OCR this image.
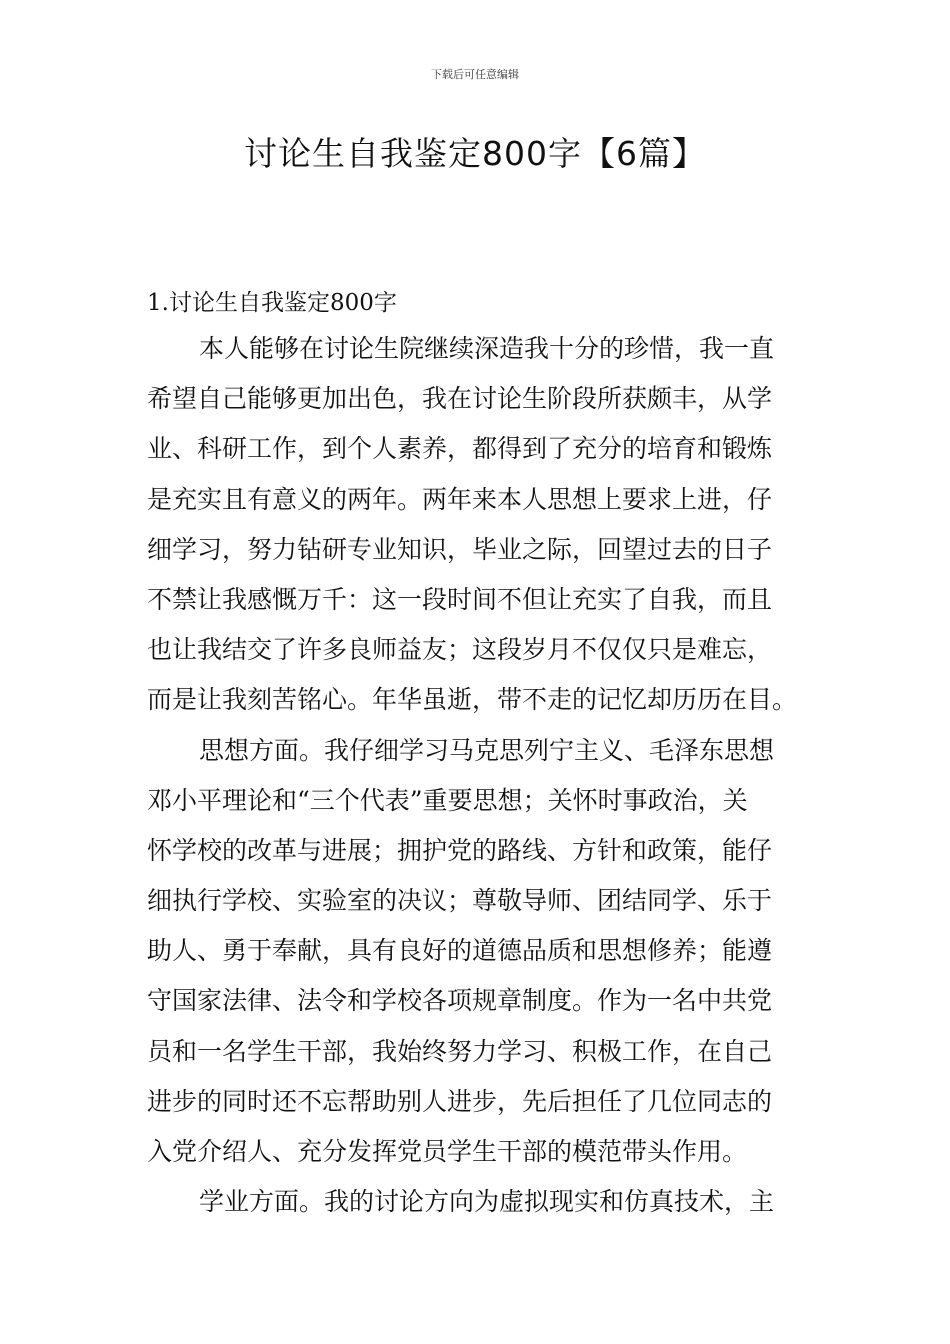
下载后可任意编辑
讨论生自我鉴定800字【6篇】
1.讨论生自我鉴定800字
本人能够在讨论生院继续深造我十分的珍惜，我一直
希望自己能够更加出色，我在讨论生阶段所获颇丰，从学
业、科研工作，到个人素养，都得到了充分的培育和锻炼
是充实且有意义的两年。两年来本人思想上要求上进，仔
细学习，努力钻研专业知识，毕业之际，回望过去的日子
不禁让我感慨万千：这一段时间不但让充实了自我，而且
也让我结交了许多良师益友；这段岁月不仅仅只是难忘，
而是让我刻苦铭心。年华虽逝，带不走的记忆却历历在目。
思想方面。我仔细学习马克思列宁主义、毛泽东思想
邓小平理论和“三个代表”重要思想；关怀时事政治，关
怀学校的改革与进展；拥护党的路线、方针和政策，能仔
细执行学校、实验室的决议；尊敬导师、团结同学、乐于
助人、勇于奉献，具有良好的道德品质和思想修养；能遵
守国家法律、法令和学校各项规章制度。作为一名中共党
员和一名学生干部，我始终努力学习、积极工作，在自己
进步的同时还不忘帮助别人进步，先后担任了几位同志的
入党介绍人、充分发挥党员学生干部的模范带头作用。
学业方面。我的讨论方向为虚拟现实和仿真技术，主
